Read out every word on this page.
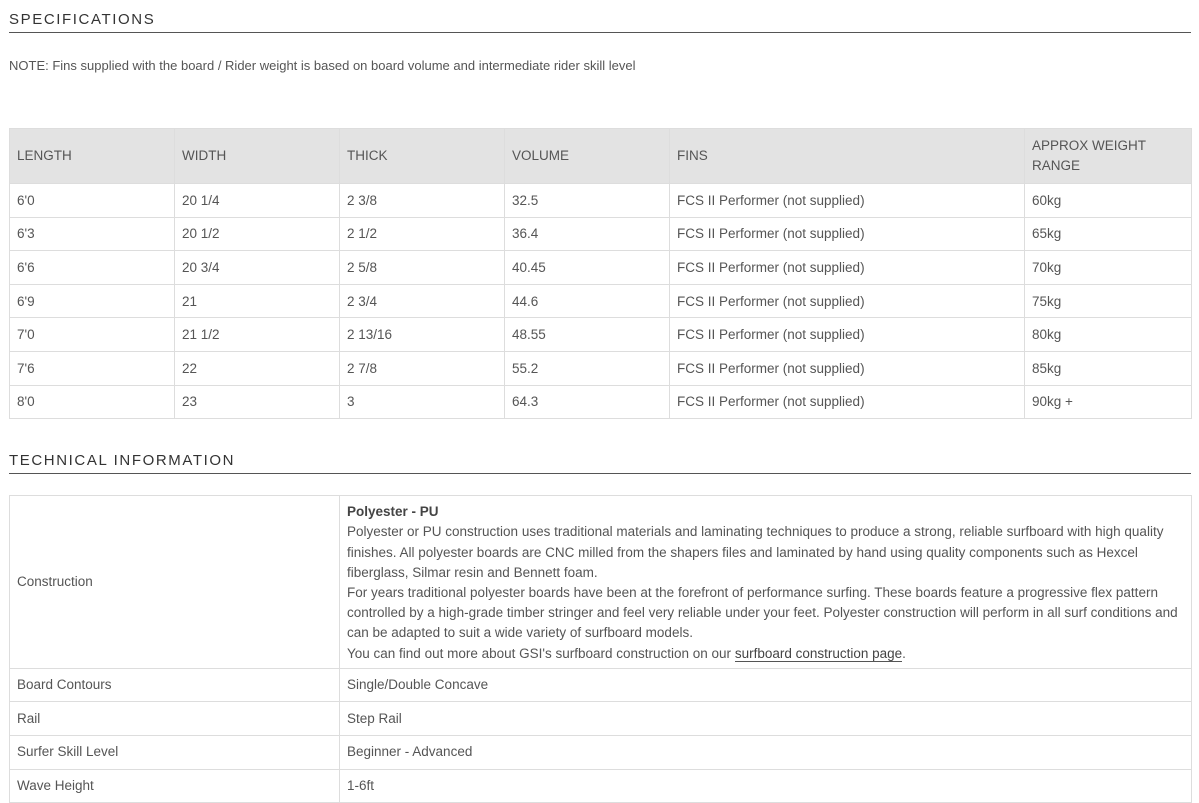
SPECIFICATIONS

NOTE: Fins supplied with the board / Rider weight is based on board volume and intermediate rider skill level

LENGTH	WIDTH	THICK	VOLUME	FINS	APPROX WEIGHT RANGE
6'0	20 1/4	2 3/8	32.5	FCS II Performer (not supplied)	60kg
6'3	20 1/2	2 1/2	36.4	FCS II Performer (not supplied)	65kg
6'6	20 3/4	2 5/8	40.45	FCS II Performer (not supplied)	70kg
6'9	21	2 3/4	44.6	FCS II Performer (not supplied)	75kg
7'0	21 1/2	2 13/16	48.55	FCS II Performer (not supplied)	80kg
7'6	22	2 7/8	55.2	FCS II Performer (not supplied)	85kg
8'0	23	3	64.3	FCS II Performer (not supplied)	90kg +
TECHNICAL INFORMATION
Construction	Polyester - PU
Polyester or PU construction uses traditional materials and laminating techniques to produce a strong, reliable surfboard with high quality finishes. All polyester boards are CNC milled from the shapers files and laminated by hand using quality components such as Hexcel fiberglass, Silmar resin and Bennett foam.
For years traditional polyester boards have been at the forefront of performance surfing. These boards feature a progressive flex pattern controlled by a high-grade timber stringer and feel very reliable under your feet. Polyester construction will perform in all surf conditions and can be adapted to suit a wide variety of surfboard models.
You can find out more about GSI's surfboard construction on our surfboard construction page.

Board Contours	Single/Double Concave
Rail	Step Rail
Surfer Skill Level	Beginner - Advanced
Wave Height	1-6ft
